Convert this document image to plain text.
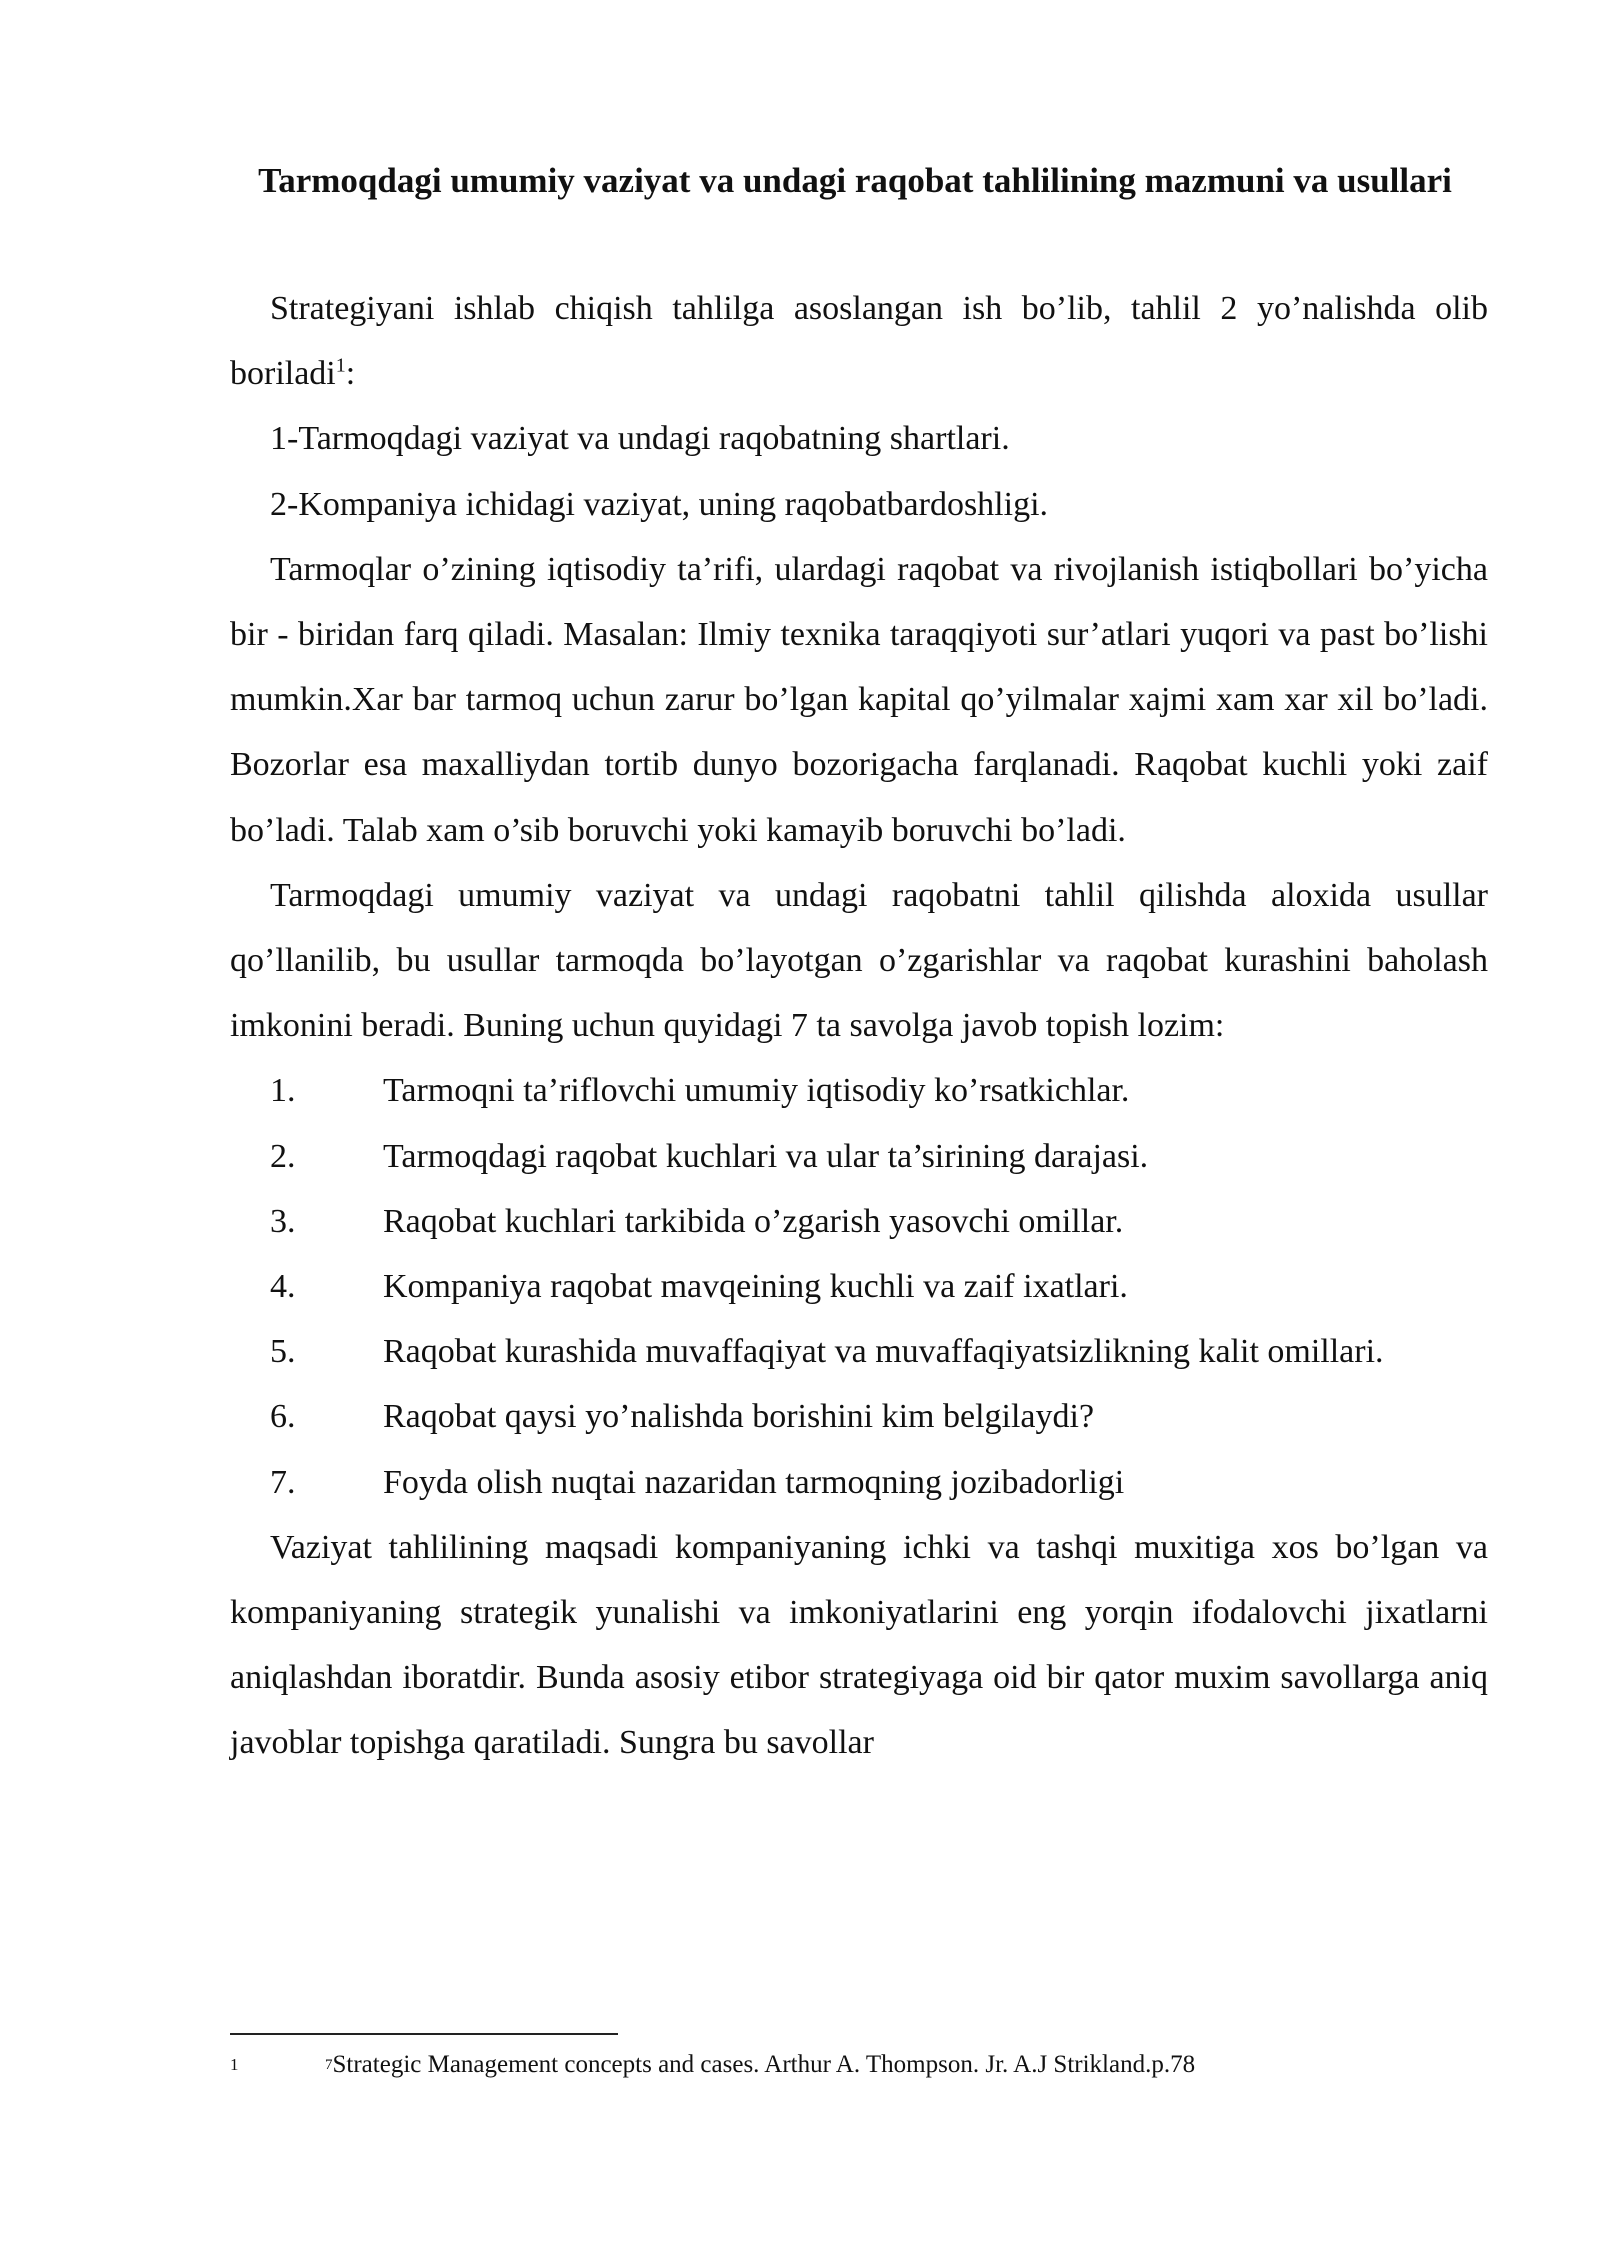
Tarmoqdagi umumiy vaziyat va undagi raqobat tahlilining mazmuni va usullari

Strategiyani ishlab chiqish tahlilga asoslangan ish bo’lib, tahlil 2 yo’nalishda olib boriladi$^1$:

1-Tarmoqdagi vaziyat va undagi raqobatning shartlari.

2-Kompaniya ichidagi vaziyat, uning raqobatbardoshligi.

Tarmoqlar o’zining iqtisodiy ta’rifi, ulardagi raqobat va rivojlanish istiqbollari bo’yicha bir - biridan farq qiladi. Masalan: Ilmiy texnika taraqqiyoti sur’atlari yuqori va past bo’lishi mumkin.Xar bar tarmoq uchun zarur bo’lgan kapital qo’yilmalar xajmi xam xar xil bo’ladi. Bozorlar esa maxalliydan tortib dunyo bozorigacha farqlanadi. Raqobat kuchli yoki zaif bo’ladi. Talab xam o’sib boruvchi yoki kamayib boruvchi bo’ladi.

Tarmoqdagi umumiy vaziyat va undagi raqobatni tahlil qilishda aloxida usullar qo’llanilib, bu usullar tarmoqda bo’layotgan o’zgarishlar va raqobat kurashini baholash imkonini beradi. Buning uchun quyidagi 7 ta savolga javob topish lozim:

1.	Tarmoqni ta’riflovchi umumiy iqtisodiy ko’rsatkichlar.

2.	Tarmoqdagi raqobat kuchlari va ular ta’sirining darajasi.

3.	Raqobat kuchlari tarkibida o’zgarish yasovchi omillar.

4.	Kompaniya raqobat mavqeining kuchli va zaif ixatlari.

5.	Raqobat kurashida muvaffaqiyat va muvaffaqiyatsizlikning kalit omillari.

6.	Raqobat qaysi yo’nalishda borishini kim belgilaydi?

7.	Foyda olish nuqtai nazaridan tarmoqning jozibadorligi

Vaziyat tahlilining maqsadi kompaniyaning ichki va tashqi muxitiga xos bo’lgan va kompaniyaning strategik yunalishi va imkoniyatlarini eng yorqin ifodalovchi jixatlarni aniqlashdan iboratdir. Bunda asosiy etibor strategiyaga oid bir qator muxim savollarga aniq javoblar topishga qaratiladi. Sungra bu savollar

1	$^7$Strategic Management concepts and cases. Arthur A. Thompson. Jr. A.J Strikland.p.78
